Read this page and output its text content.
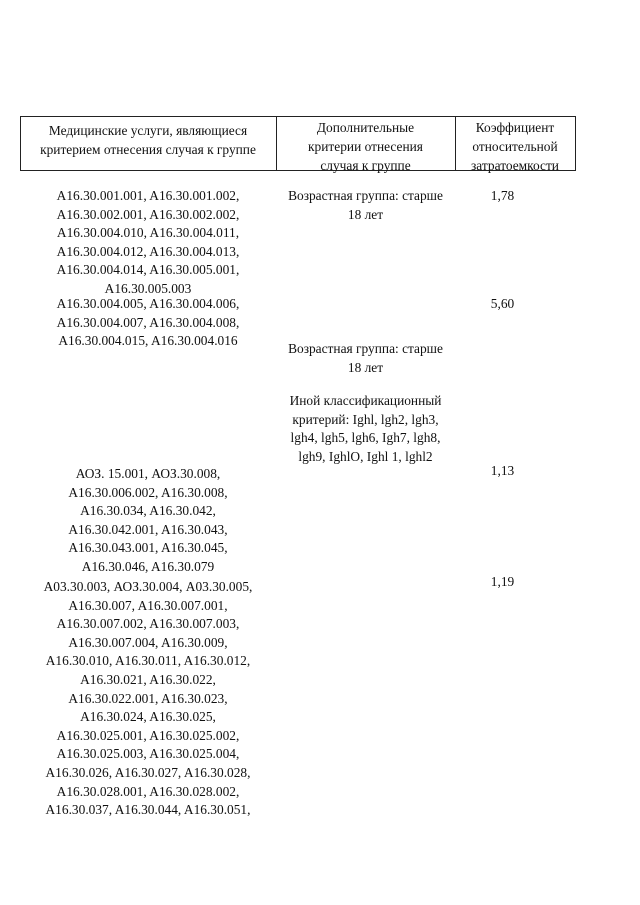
Медицинские услуги, являющиеся
критерием отнесения случая к группе
Дополнительные
критерии отнесения
случая к группе
Коэффициент
относительной
затратоемкости
A16.30.001.001, A16.30.001.002,
A16.30.002.001, A16.30.002.002,
A16.30.004.010, A16.30.004.011,
A16.30.004.012, A16.30.004.013,
A16.30.004.014, A16.30.005.001,
A16.30.005.003
Возрастная группа: старше
18 лет
1,78
A16.30.004.005, A16.30.004.006,
A16.30.004.007, A16.30.004.008,
A16.30.004.015, A16.30.004.016
5,60
Возрастная группа: старше
18 лет
Иной классификационный
критерий: Ighl, lgh2, lgh3,
lgh4, lgh5, lgh6, Igh7, lgh8,
lgh9, IghlO, Ighl 1, lghl2
АОЗ. 15.001, АОЗ.30.008,
A16.30.006.002, A16.30.008,
A16.30.034, A16.30.042,
A16.30.042.001, A16.30.043,
A16.30.043.001, A16.30.045,
A16.30.046, A16.30.079
1,13
А03.30.003, АОЗ.30.004, А03.30.005,
A16.30.007, A16.30.007.001,
A16.30.007.002, A16.30.007.003,
A16.30.007.004, A16.30.009,
A16.30.010, A16.30.011, A16.30.012,
A16.30.021, A16.30.022,
A16.30.022.001, A16.30.023,
A16.30.024, A16.30.025,
A16.30.025.001, A16.30.025.002,
A16.30.025.003, A16.30.025.004,
A16.30.026, A16.30.027, A16.30.028,
A16.30.028.001, A16.30.028.002,
A16.30.037, A16.30.044, A16.30.051,
1,19
